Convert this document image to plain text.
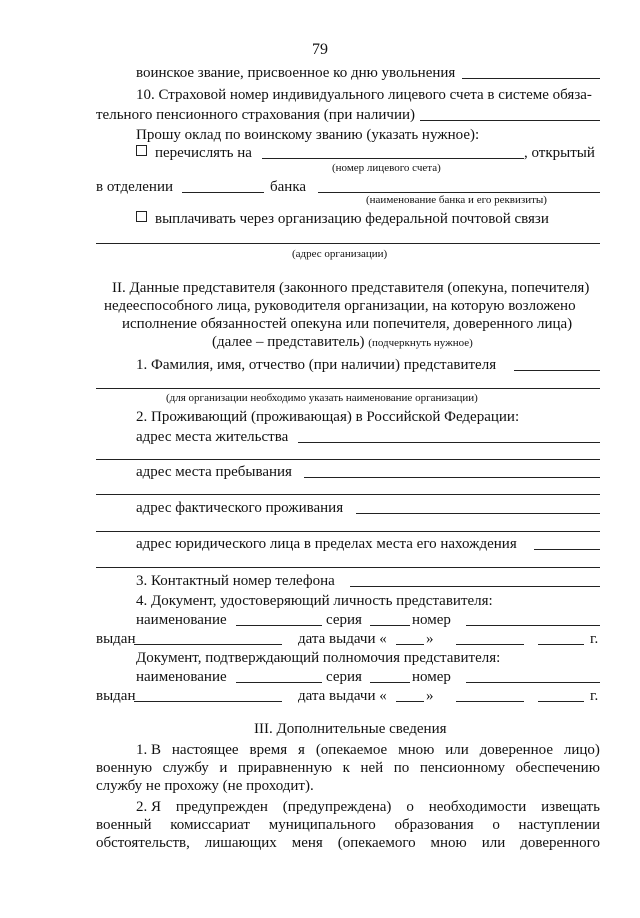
79
воинское звание, присвоенное ко дню увольнения
10. Страховой номер индивидуального лицевого счета в системе обяза-
тельного пенсионного страхования (при наличии)
Прошу оклад по воинскому званию (указать нужное):
перечислять на	, открытый
(номер лицевого счета)
в отделении	банка
(наименование банка и его реквизиты)
выплачивать через организацию федеральной почтовой связи
(адрес организации)
II. Данные представителя (законного представителя (опекуна, попечителя)
недееспособного лица, руководителя организации, на которую возложено
исполнение обязанностей опекуна или попечителя, доверенного лица)
(далее – представитель) (подчеркнуть нужное)
1. Фамилия, имя, отчество (при наличии) представителя
(для организации необходимо указать наименование организации)
2. Проживающий (проживающая) в Российской Федерации:
адрес места жительства
адрес места пребывания
адрес фактического проживания
адрес юридического лица в пределах места его нахождения
3. Контактный номер телефона
4. Документ, удостоверяющий личность представителя:
наименование	серия	номер
выдан	дата выдачи «	»	г.
Документ, подтверждающий полномочия представителя:
наименование	серия	номер
выдан	дата выдачи «	»	г.
III. Дополнительные сведения
1. В настоящее время я (опекаемое мною или доверенное лицо)
военную службу и приравненную к ней по пенсионному обеспечению
службу не прохожу (не проходит).
2. Я предупрежден (предупреждена) о необходимости извещать
военный комиссариат муниципального образования о наступлении
обстоятельств, лишающих меня (опекаемого мною или доверенного
